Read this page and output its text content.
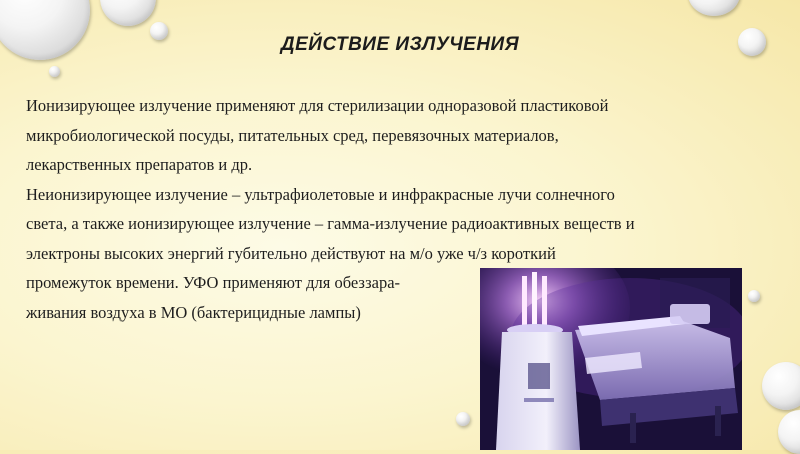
ДЕЙСТВИЕ ИЗЛУЧЕНИЯ
Ионизирующее излучение применяют для стерилизации одноразовой пластиковой
микробиологической посуды, питательных сред, перевязочных материалов,
лекарственных препаратов и др.
Неионизирующее излучение – ультрафиолетовые и инфракрасные лучи солнечного
света, а также ионизирующее излучение – гамма-излучение радиоактивных веществ и
электроны высоких энергий губительно действуют на м/о уже ч/з короткий
промежуток времени. УФО применяют для обеззара-
живания воздуха в МО (бактерицидные лампы)
